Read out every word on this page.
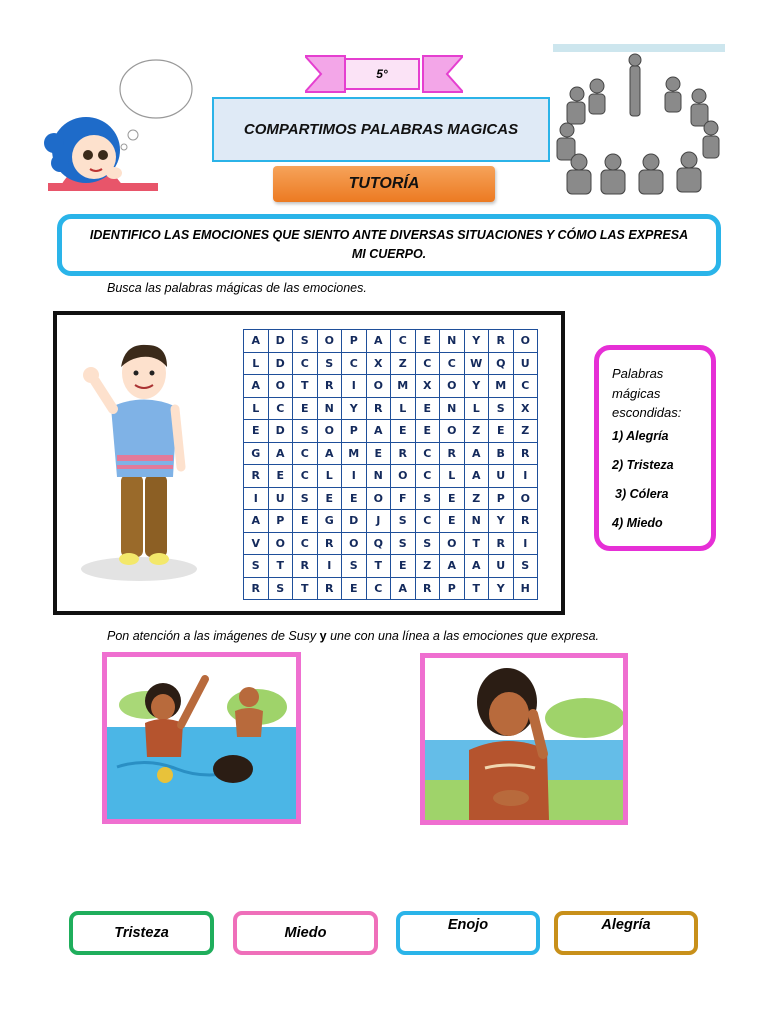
5°
COMPARTIMOS PALABRAS MAGICAS
TUTORÍA
IDENTIFICO LAS EMOCIONES QUE SIENTO ANTE DIVERSAS SITUACIONES Y CÓMO LAS EXPRESA MI CUERPO.
Busca las palabras mágicas de las emociones.
A	D	S	O	P	A	C	E	N	Y	R	O
L	D	C	S	C	X	Z	C	C	W	Q	U
A	O	T	R	I	O	M	X	O	Y	M	C
L	C	E	N	Y	R	L	E	N	L	S	X
E	D	S	O	P	A	E	E	O	Z	E	Z
G	A	C	A	M	E	R	C	R	A	B	R
R	E	C	L	I	N	O	C	L	A	U	I
I	U	S	E	E	O	F	S	E	Z	P	O
A	P	E	G	D	J	S	C	E	N	Y	R
V	O	C	R	O	Q	S	S	O	T	R	I
S	T	R	I	S	T	E	Z	A	A	U	S
R	S	T	R	E	C	A	R	P	T	Y	H
Palabras mágicas escondidas:
1) Alegría
2) Tristeza
3) Cólera
4) Miedo
Pon atención a las imágenes de Susy y une con una línea a las emociones que expresa.
Tristeza	Miedo	Enojo	Alegría
